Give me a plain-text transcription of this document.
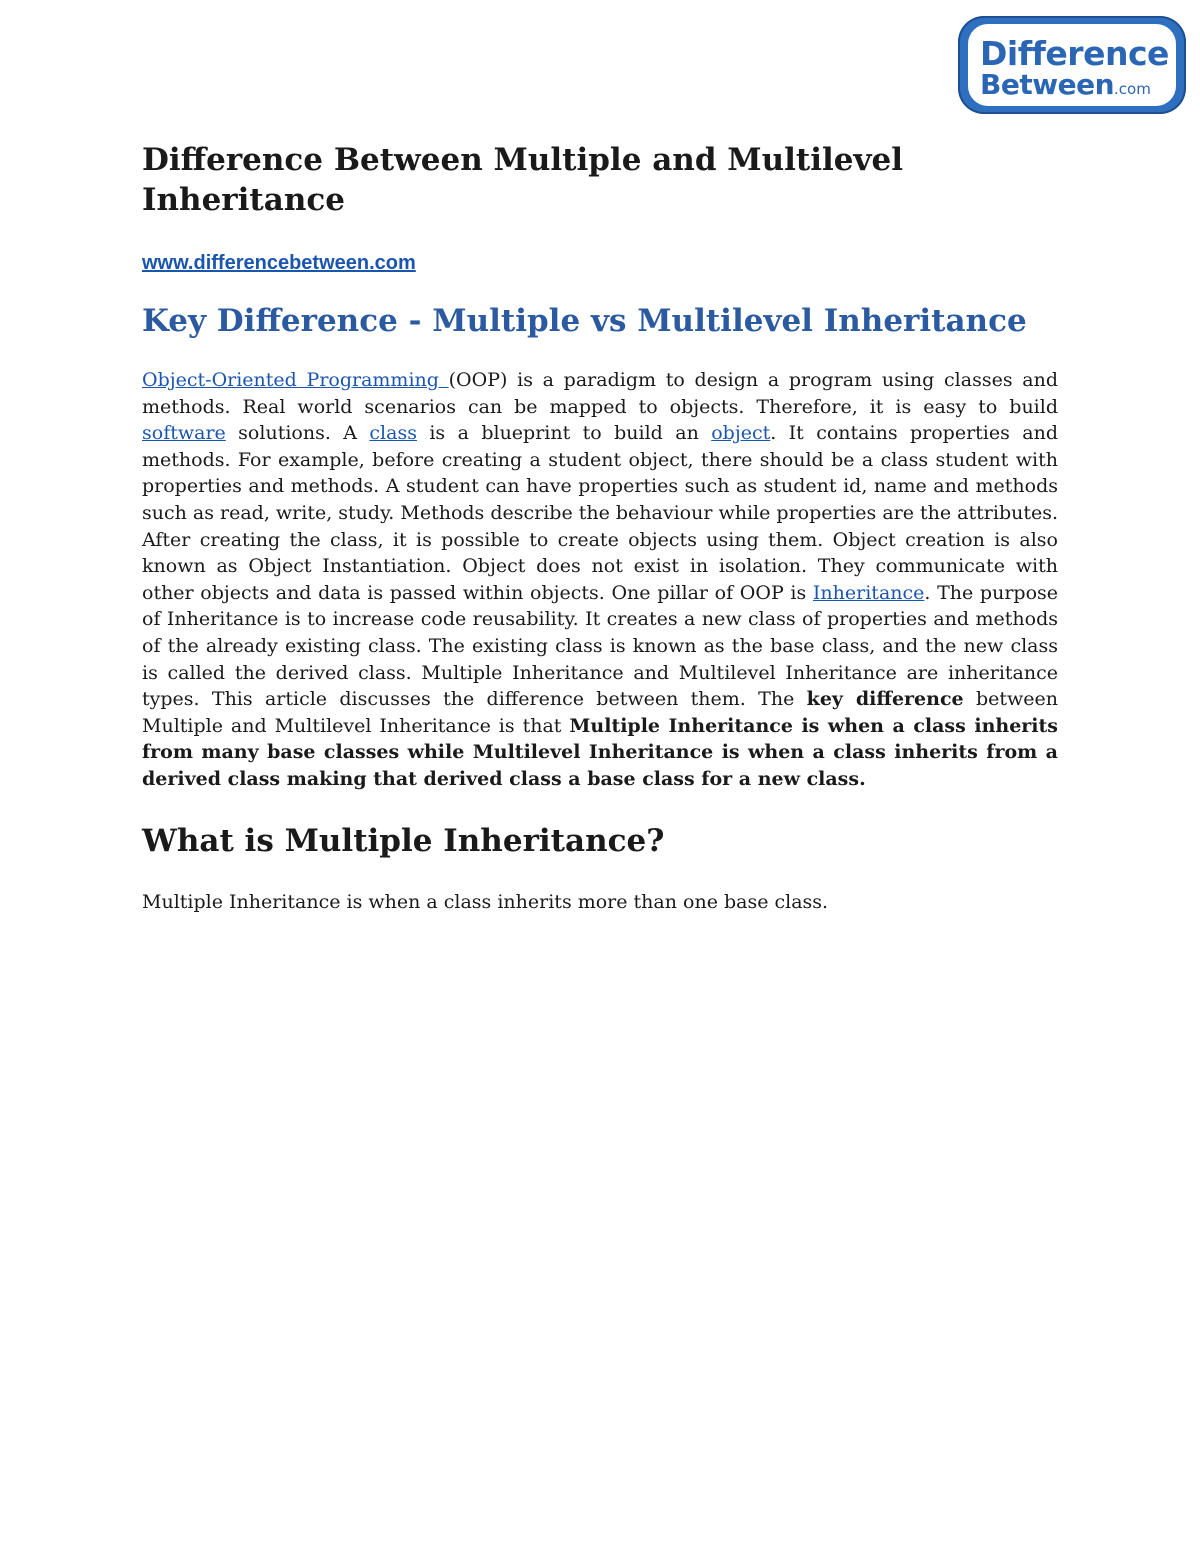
Difference
Between.com
Difference Between Multiple and Multilevel Inheritance
www.differencebetween.com
Key Difference - Multiple vs Multilevel Inheritance

Object-Oriented Programming (OOP) is a paradigm to design a program using classes and methods. Real world scenarios can be mapped to objects. Therefore, it is easy to build software solutions. A class is a blueprint to build an object. It contains properties and methods. For example, before creating a student object, there should be a class student with properties and methods. A student can have properties such as student id, name and methods such as read, write, study. Methods describe the behaviour while properties are the attributes. After creating the class, it is possible to create objects using them. Object creation is also known as Object Instantiation. Object does not exist in isolation. They communicate with other objects and data is passed within objects. One pillar of OOP is Inheritance. The purpose of Inheritance is to increase code reusability. It creates a new class of properties and methods of the already existing class. The existing class is known as the base class, and the new class is called the derived class. Multiple Inheritance and Multilevel Inheritance are inheritance types. This article discusses the difference between them. The key difference between Multiple and Multilevel Inheritance is that Multiple Inheritance is when a class inherits from many base classes while Multilevel Inheritance is when a class inherits from a derived class making that derived class a base class for a new class.

What is Multiple Inheritance?

Multiple Inheritance is when a class inherits more than one base class.
